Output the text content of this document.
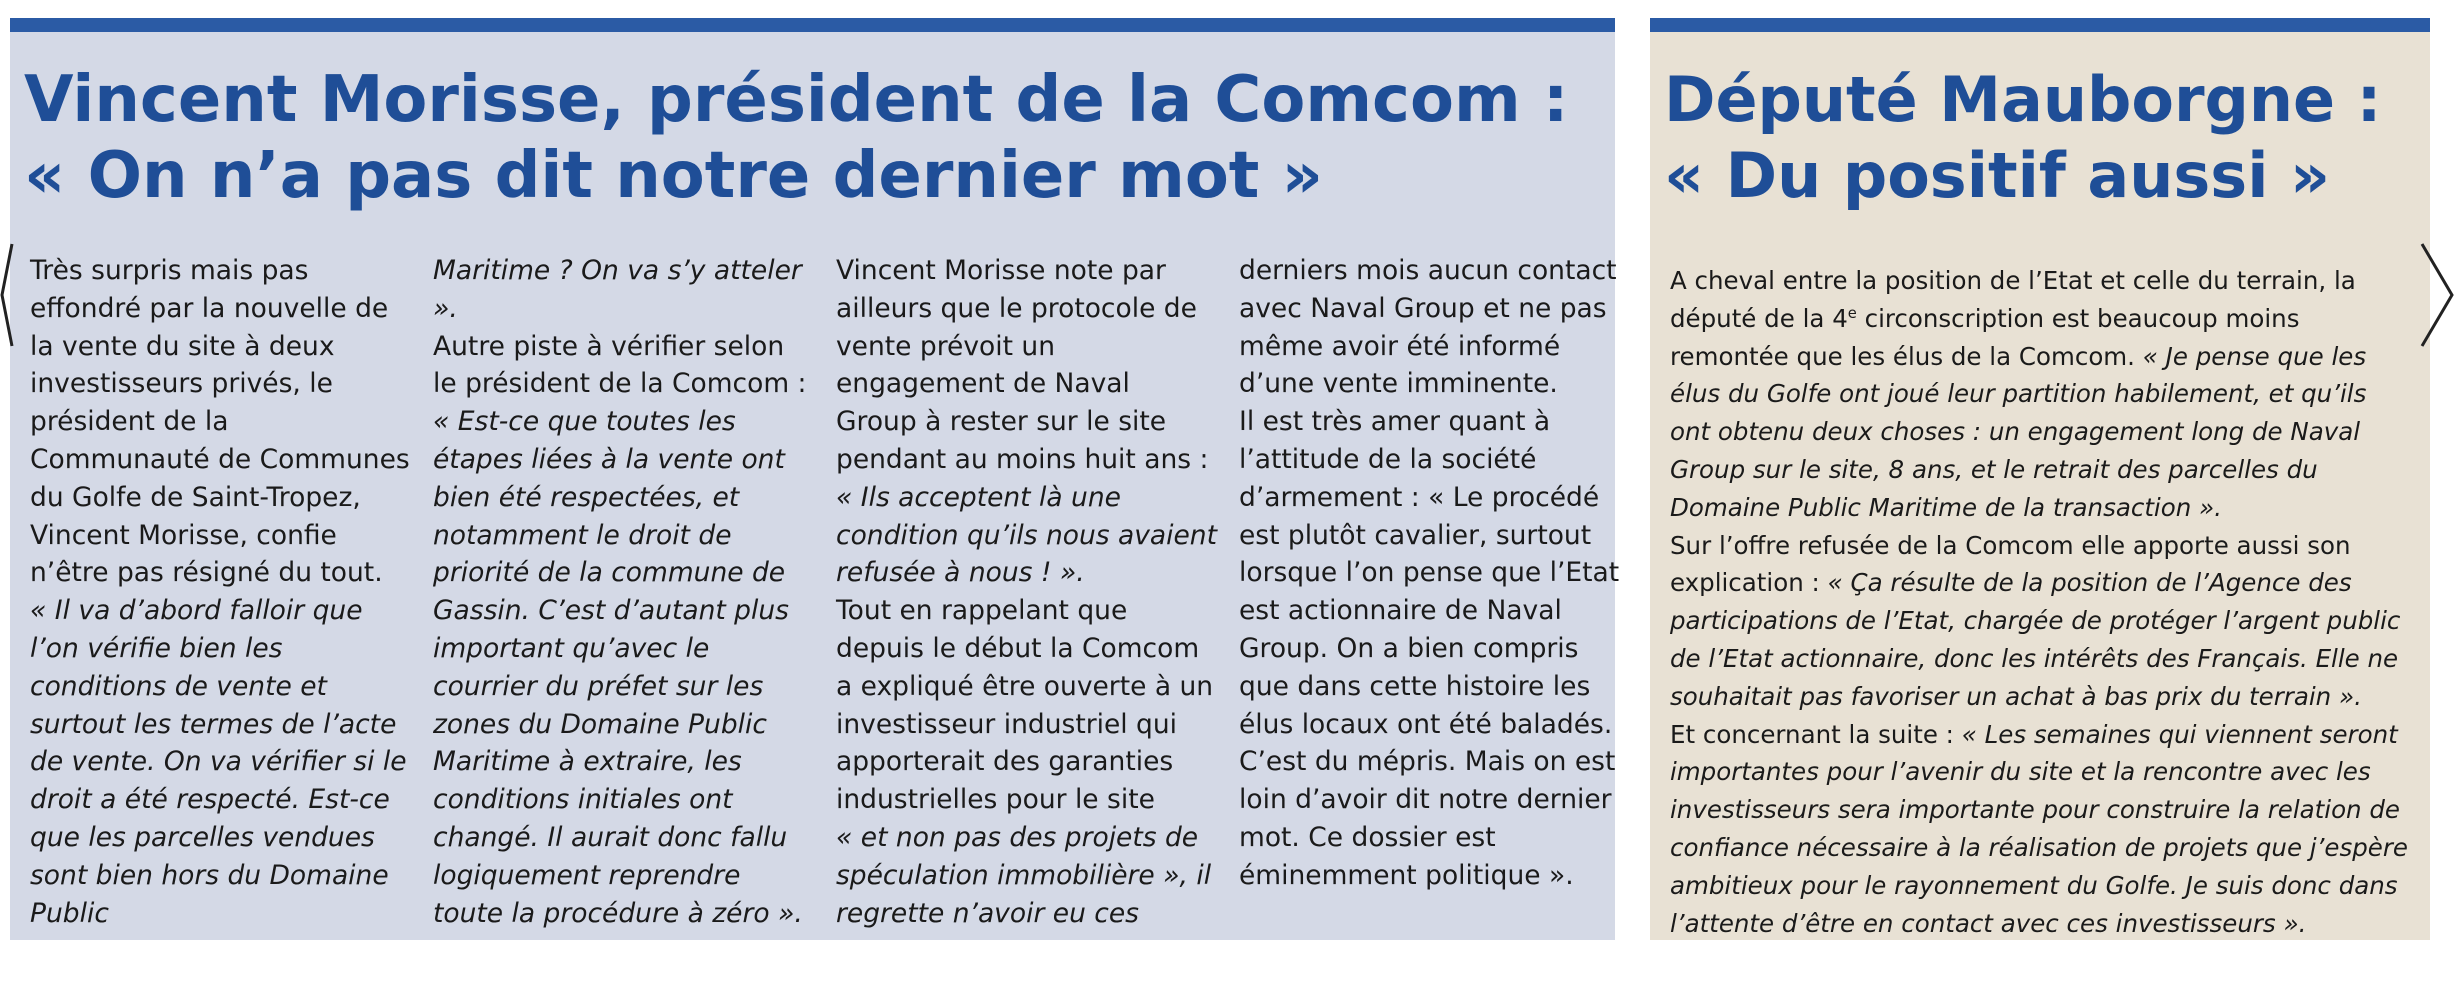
Vincent Morisse, président de la Comcom :
« On n’a pas dit notre dernier mot »

Très surpris mais pas effondré par la nouvelle de la vente du site à deux investisseurs privés, le président de la Communauté de Communes du Golfe de Saint-Tropez, Vincent Morisse, confie n’être pas résigné du tout.

« Il va d’abord falloir que l’on vérifie bien les conditions de vente et surtout les termes de l’acte de vente. On va vérifier si le droit a été respecté. Est-ce que les parcelles vendues sont bien hors du Domaine Public

Maritime ? On va s’y atteler ».

Autre piste à vérifier selon le président de la Comcom :

« Est-ce que toutes les étapes liées à la vente ont bien été respectées, et notamment le droit de priorité de la commune de Gassin. C’est d’autant plus important qu’avec le courrier du préfet sur les zones du Domaine Public Maritime à extraire, les conditions initiales ont changé. Il aurait donc fallu logiquement reprendre toute la procédure à zéro ».

Vincent Morisse note par ailleurs que le protocole de vente prévoit un engagement de Naval Group à rester sur le site pendant au moins huit ans :

« Ils acceptent là une condition qu’ils nous avaient refusée à nous ! ».

Tout en rappelant que depuis le début la Comcom a expliqué être ouverte à un investisseur industriel qui apporterait des garanties industrielles pour le site

« et non pas des projets de spéculation immobilière », il regrette n’avoir eu ces

derniers mois aucun contact avec Naval Group et ne pas même avoir été informé d’une vente imminente.

Il est très amer quant à l’attitude de la société d’armement : « Le procédé est plutôt cavalier, surtout lorsque l’on pense que l’Etat est actionnaire de Naval Group. On a bien compris que dans cette histoire les élus locaux ont été baladés. C’est du mépris. Mais on est loin d’avoir dit notre dernier mot. Ce dossier est éminemment politique ».

Député Mauborgne :
« Du positif aussi »

A cheval entre la position de l’Etat et celle du terrain, la député de la 4e circonscription est beaucoup moins remontée que les élus de la Comcom. « Je pense que les élus du Golfe ont joué leur partition habilement, et qu’ils ont obtenu deux choses : un engagement long de Naval Group sur le site, 8 ans, et le retrait des parcelles du Domaine Public Maritime de la transaction ».

Sur l’offre refusée de la Comcom elle apporte aussi son explication : « Ça résulte de la position de l’Agence des participations de l’Etat, chargée de protéger l’argent public de l’Etat actionnaire, donc les intérêts des Français. Elle ne souhaitait pas favoriser un achat à bas prix du terrain ».

Et concernant la suite : « Les semaines qui viennent seront importantes pour l’avenir du site et la rencontre avec les investisseurs sera importante pour construire la relation de confiance nécessaire à la réalisation de projets que j’espère ambitieux pour le rayonnement du Golfe. Je suis donc dans l’attente d’être en contact avec ces investisseurs ».
